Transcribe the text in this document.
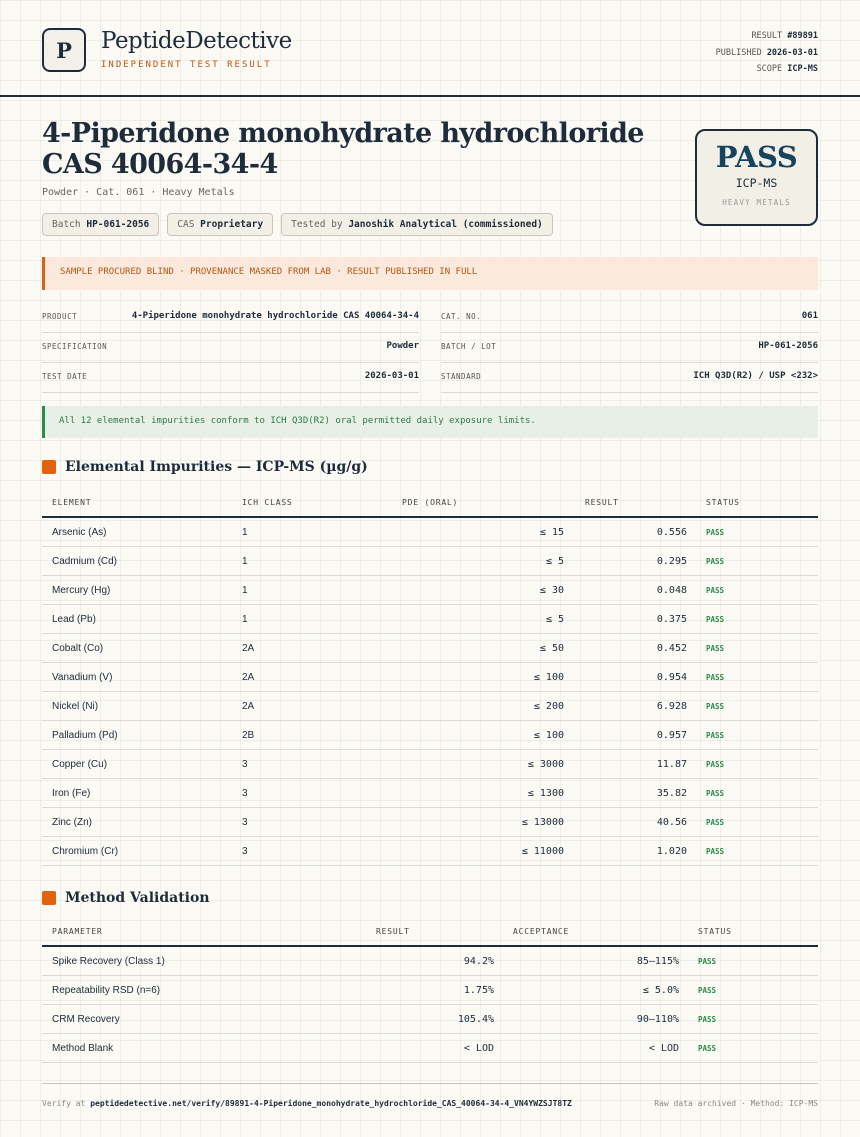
P PeptideDetective
INDEPENDENT TEST RESULT
RESULT #89891
PUBLISHED 2026-03-01
SCOPE ICP-MS
4-Piperidone monohydrate hydrochloride CAS 40064-34-4
Powder · Cat. 061 · Heavy Metals
Batch HP-061-2056	CAS Proprietary	Tested by Janoshik Analytical (commissioned)
PASS
ICP-MS
HEAVY METALS
SAMPLE PROCURED BLIND · PROVENANCE MASKED FROM LAB · RESULT PUBLISHED IN FULL
PRODUCT	4-Piperidone monohydrate hydrochloride CAS 40064-34-4	CAT. NO.	061
SPECIFICATION	Powder	BATCH / LOT	HP-061-2056
TEST DATE	2026-03-01	STANDARD	ICH Q3D(R2) / USP <232>
All 12 elemental impurities conform to ICH Q3D(R2) oral permitted daily exposure limits.
Elemental Impurities — ICP-MS (µg/g)
ELEMENT	ICH CLASS	PDE (ORAL)	RESULT	STATUS
Arsenic (As)	1	≤ 15	0.556	PASS
Cadmium (Cd)	1	≤ 5	0.295	PASS
Mercury (Hg)	1	≤ 30	0.048	PASS
Lead (Pb)	1	≤ 5	0.375	PASS
Cobalt (Co)	2A	≤ 50	0.452	PASS
Vanadium (V)	2A	≤ 100	0.954	PASS
Nickel (Ni)	2A	≤ 200	6.928	PASS
Palladium (Pd)	2B	≤ 100	0.957	PASS
Copper (Cu)	3	≤ 3000	11.87	PASS
Iron (Fe)	3	≤ 1300	35.82	PASS
Zinc (Zn)	3	≤ 13000	40.56	PASS
Chromium (Cr)	3	≤ 11000	1.020	PASS
Method Validation
PARAMETER	RESULT	ACCEPTANCE	STATUS
Spike Recovery (Class 1)	94.2%	85–115%	PASS
Repeatability RSD (n=6)	1.75%	≤ 5.0%	PASS
CRM Recovery	105.4%	90–110%	PASS
Method Blank	< LOD	< LOD	PASS
Verify at peptidedetective.net/verify/89891-4-Piperidone_monohydrate_hydrochloride_CAS_40064-34-4_VN4YWZSJT8TZ	Raw data archived · Method: ICP-MS
